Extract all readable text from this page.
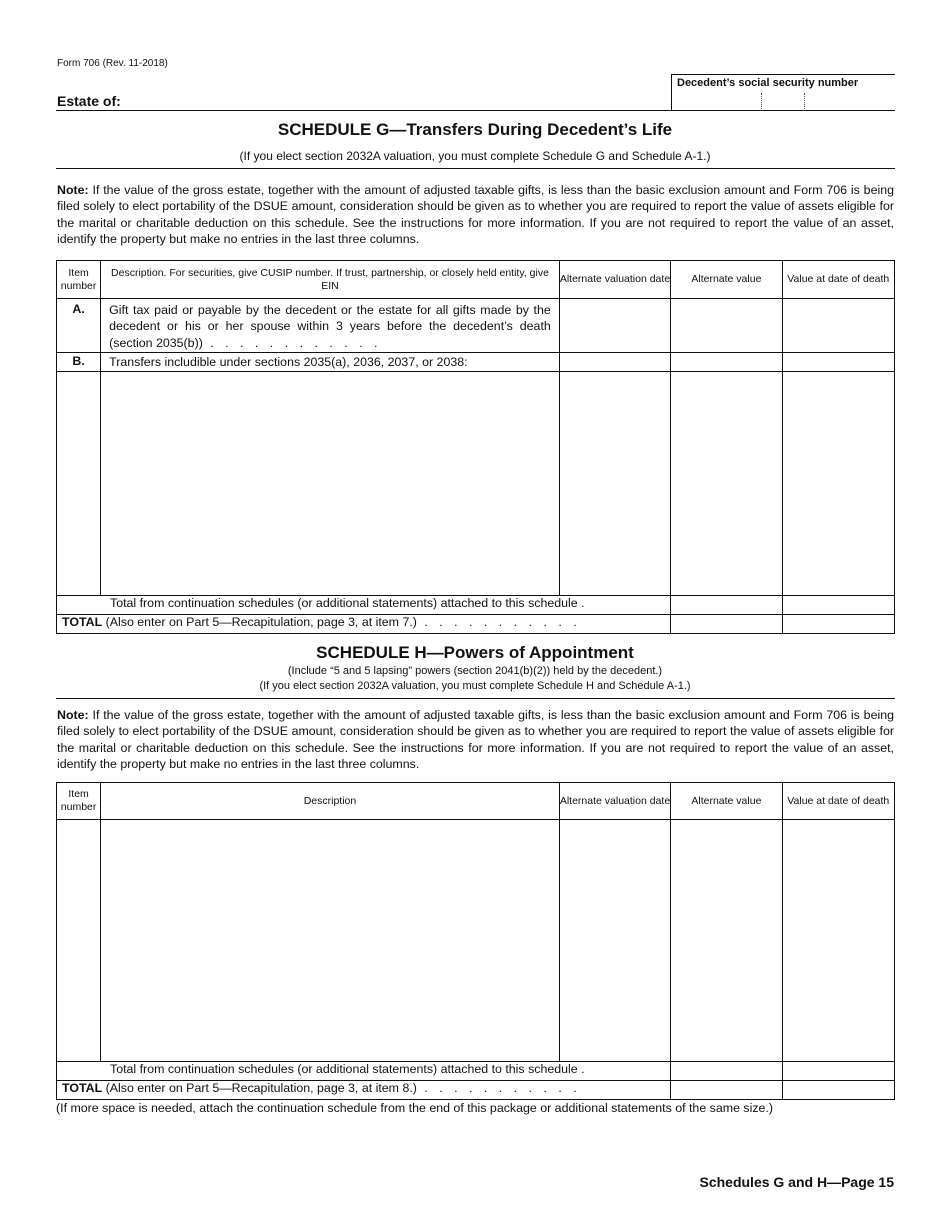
Form 706 (Rev. 11-2018)
Estate of:
Decedent’s social security number
SCHEDULE G—Transfers During Decedent’s Life
(If you elect section 2032A valuation, you must complete Schedule G and Schedule A-1.)
Note: If the value of the gross estate, together with the amount of adjusted taxable gifts, is less than the basic exclusion amount and Form 706 is being filed solely to elect portability of the DSUE amount, consideration should be given as to whether you are required to report the value of assets eligible for the marital or charitable deduction on this schedule. See the instructions for more information. If you are not required to report the value of an asset, identify the property but make no entries in the last three columns.
Item number	Description. For securities, give CUSIP number. If trust, partnership, or closely held entity, give EIN	Alternate valuation date	Alternate value	Value at date of death
A.	Gift tax paid or payable by the decedent or the estate for all gifts made by the decedent or his or her spouse within 3 years before the decedent’s death (section 2035(b)) . . . . . . . . . . . .			
B.	Transfers includible under sections 2035(a), 2036, 2037, or 2038:			

Total from continuation schedules (or additional statements) attached to this schedule .				
TOTAL (Also enter on Part 5—Recapitulation, page 3, at item 7.) . . . . . . . . . . .				
SCHEDULE H—Powers of Appointment
(Include “5 and 5 lapsing” powers (section 2041(b)(2)) held by the decedent.)
(If you elect section 2032A valuation, you must complete Schedule H and Schedule A-1.)
Note: If the value of the gross estate, together with the amount of adjusted taxable gifts, is less than the basic exclusion amount and Form 706 is being filed solely to elect portability of the DSUE amount, consideration should be given as to whether you are required to report the value of assets eligible for the marital or charitable deduction on this schedule. See the instructions for more information. If you are not required to report the value of an asset, identify the property but make no entries in the last three columns.
Item number	Description	Alternate valuation date	Alternate value	Value at date of death

Total from continuation schedules (or additional statements) attached to this schedule .				
TOTAL (Also enter on Part 5—Recapitulation, page 3, at item 8.) . . . . . . . . . . .				
(If more space is needed, attach the continuation schedule from the end of this package or additional statements of the same size.)
Schedules G and H—Page 15
